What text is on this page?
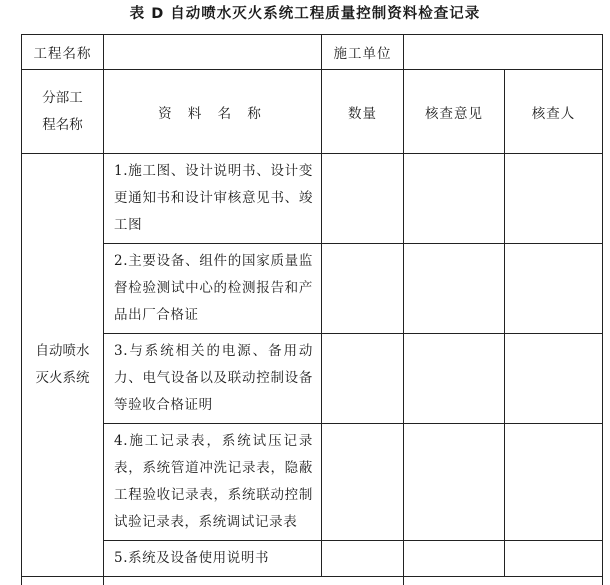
表 D 自动喷水灭火系统工程质量控制资料检查记录
工程名称		施工单位		
分部工程名称	资 料 名 称	数量	核查意见	核查人
自动喷水灭火系统	1.施工图、设计说明书、设计变更通知书和设计审核意见书、竣工图			
	2.主要设备、组件的国家质量监督检验测试中心的检测报告和产品出厂合格证			
	3.与系统相关的电源、备用动力、电气设备以及联动控制设备等验收合格证明			
	4.施工记录表，系统试压记录表，系统管道冲洗记录表，隐蔽工程验收记录表，系统联动控制试验记录表，系统调试记录表			
	5.系统及设备使用说明书			
